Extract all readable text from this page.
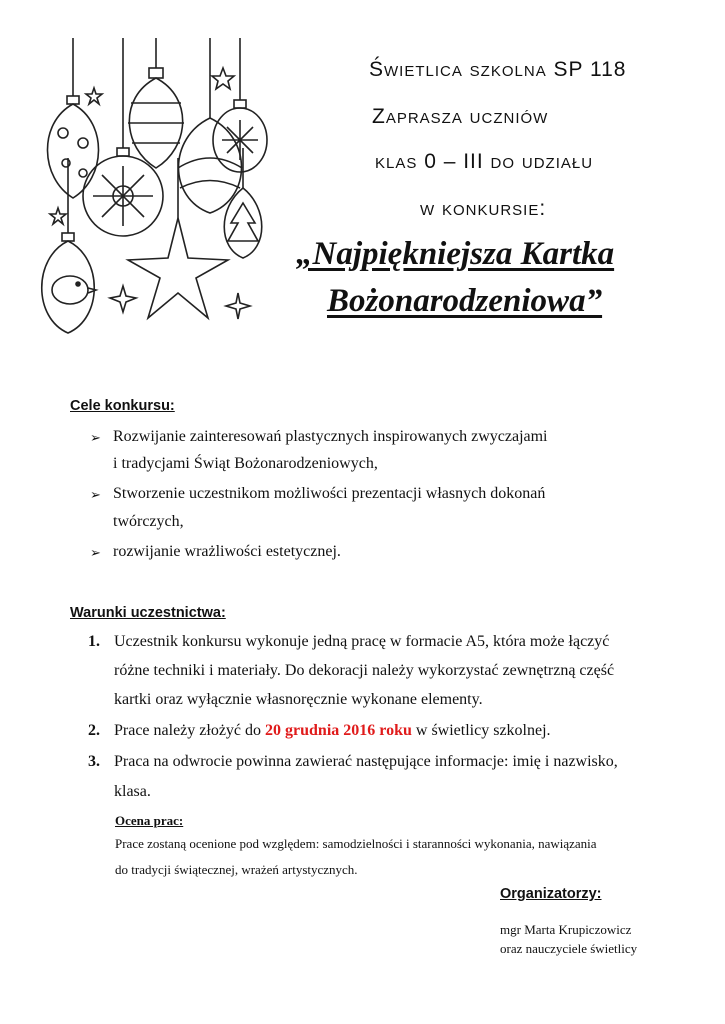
Świetlica szkolna SP 118
Zaprasza uczniów
klas 0 – III do udziału
w konkursie:
„Najpiękniejsza Kartka
Bożonarodzeniowa”
Cele konkursu:
➢ Rozwijanie zainteresowań plastycznych inspirowanych zwyczajami
i tradycjami Świąt Bożonarodzeniowych,
➢ Stworzenie uczestnikom możliwości prezentacji własnych dokonań
twórczych,
➢ rozwijanie wrażliwości estetycznej.
Warunki uczestnictwa:
1. Uczestnik konkursu wykonuje jedną pracę w formacie A5, która może łączyć
różne techniki i materiały. Do dekoracji należy wykorzystać zewnętrzną część
kartki oraz wyłącznie własnoręcznie wykonane elementy.
2. Prace należy złożyć do 20 grudnia 2016 roku w świetlicy szkolnej.
3. Praca na odwrocie powinna zawierać następujące informacje: imię i nazwisko,
klasa.
Ocena prac:
Prace zostaną ocenione pod względem: samodzielności i staranności wykonania, nawiązania
do tradycji świątecznej, wrażeń artystycznych.
Organizatorzy:
mgr Marta Krupiczowicz
oraz nauczyciele świetlicy
